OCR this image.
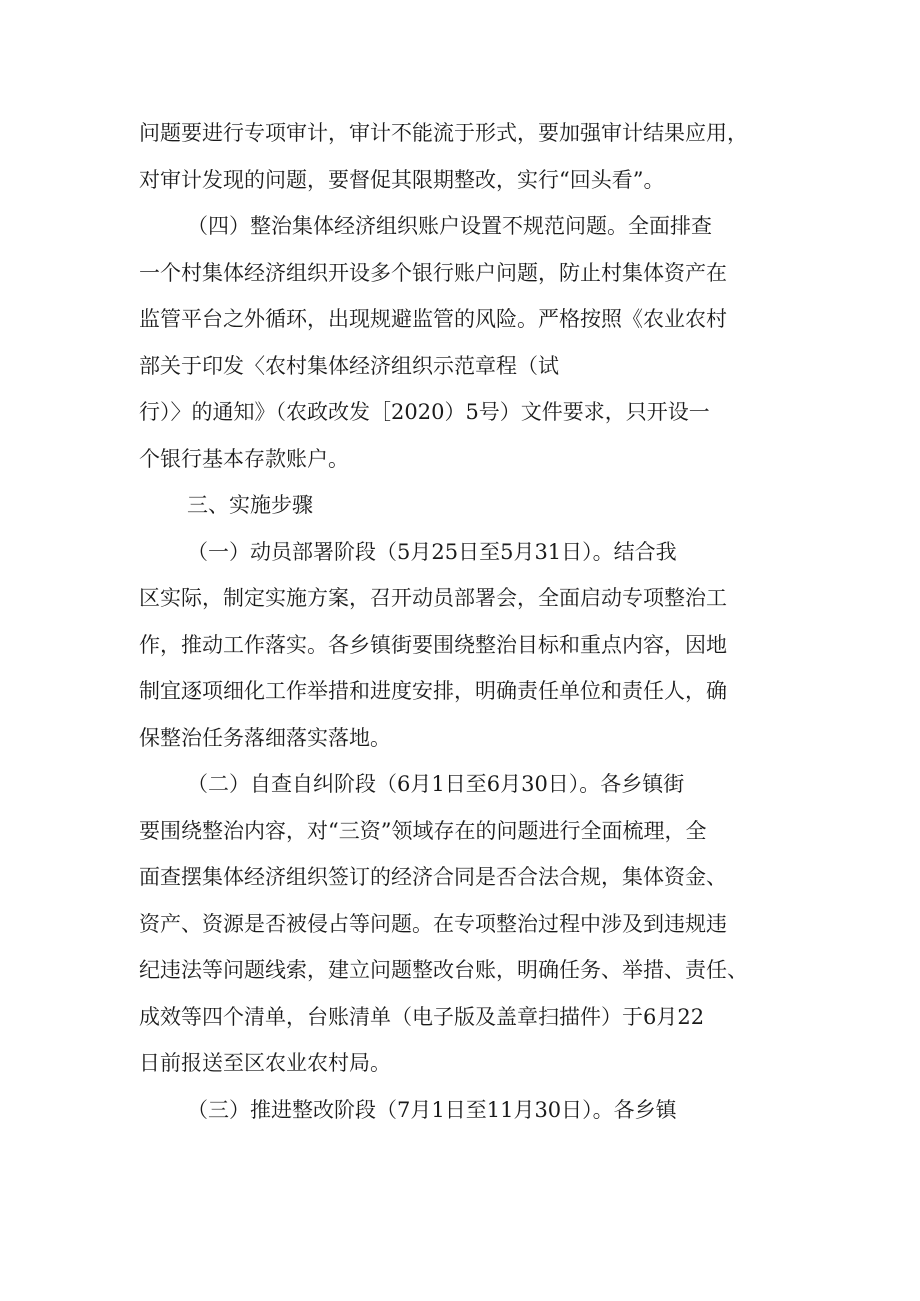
问题要进行专项审计，审计不能流于形式，要加强审计结果应用，
对审计发现的问题，要督促其限期整改，实行“回头看”。
（四）整治集体经济组织账户设置不规范问题。全面排查
一个村集体经济组织开设多个银行账户问题，防止村集体资产在
监管平台之外循环，出现规避监管的风险。严格按照《农业农村
部关于印发〈农村集体经济组织示范章程（试
行）〉的通知》（农政改发［2020）5号）文件要求，只开设一
个银行基本存款账户。
三、实施步骤
（一）动员部署阶段（5月25日至5月31日）。结合我
区实际，制定实施方案，召开动员部署会，全面启动专项整治工
作，推动工作落实。各乡镇街要围绕整治目标和重点内容，因地
制宜逐项细化工作举措和进度安排，明确责任单位和责任人，确
保整治任务落细落实落地。
（二）自查自纠阶段（6月1日至6月30日）。各乡镇街
要围绕整治内容，对“三资”领域存在的问题进行全面梳理，全
面查摆集体经济组织签订的经济合同是否合法合规，集体资金、
资产、资源是否被侵占等问题。在专项整治过程中涉及到违规违
纪违法等问题线索，建立问题整改台账，明确任务、举措、责任、
成效等四个清单，台账清单（电子版及盖章扫描件）于6月22
日前报送至区农业农村局。
（三）推进整改阶段（7月1日至11月30日）。各乡镇
